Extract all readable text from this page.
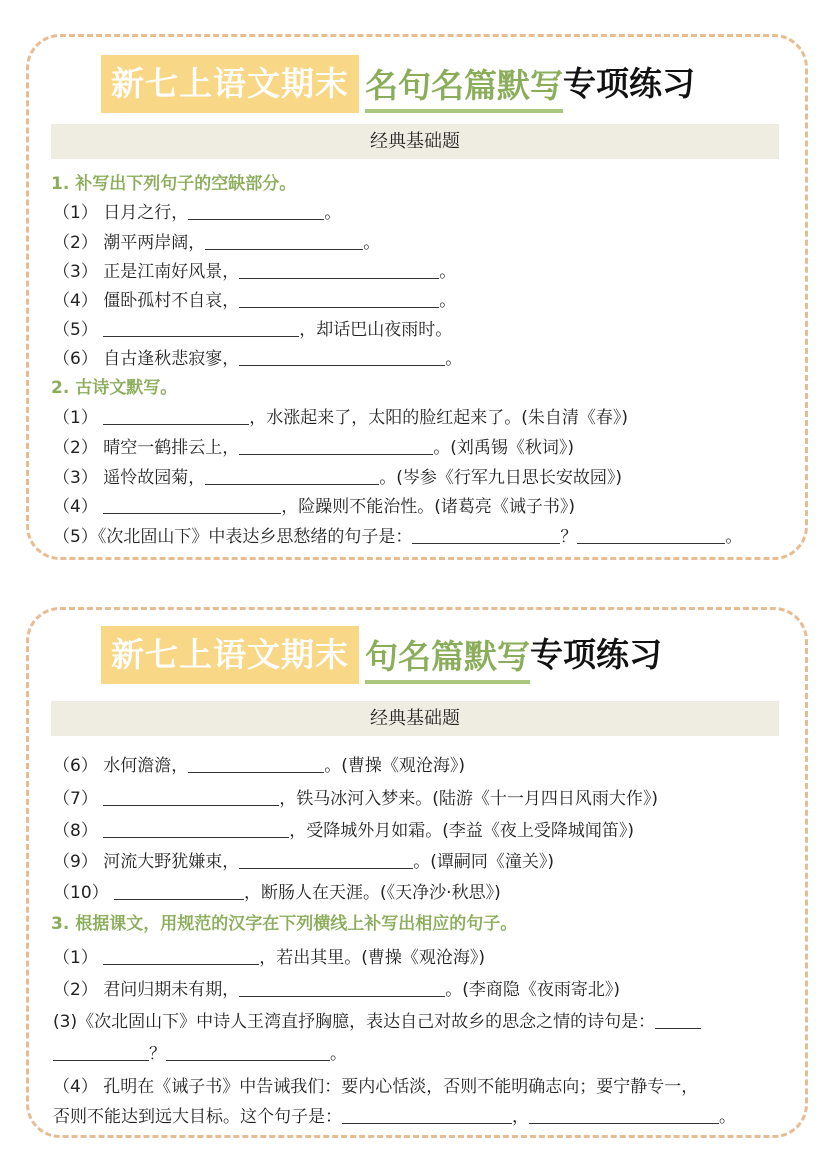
新七上语文期末 名句名篇默写 专项练习
经典基础题
1. 补写出下列句子的空缺部分。
（1） 日月之行，	。
（2） 潮平两岸阔，	。
（3） 正是江南好风景，	。
（4） 僵卧孤村不自哀，	。
（5）	，却话巴山夜雨时。
（6） 自古逢秋悲寂寥，	。
2. 古诗文默写。
（1）	，水涨起来了，太阳的脸红起来了。(朱自清《春》)
（2） 晴空一鹤排云上，	。(刘禹锡《秋词》)
（3） 遥怜故园菊，	。(岑参《行军九日思长安故园》)
（4）	，险躁则不能治性。(诸葛亮《诫子书》)
（5）《次北固山下》中表达乡思愁绪的句子是：	？	。
新七上语文期末 句名篇默写 专项练习
经典基础题
（6） 水何澹澹，	。(曹操《观沧海》)
（7）	，铁马冰河入梦来。(陆游《十一月四日风雨大作》)
（8）	，受降城外月如霜。(李益《夜上受降城闻笛》)
（9） 河流大野犹嫌束，	。(谭嗣同《潼关》)
（10）	，断肠人在天涯。(《天净沙·秋思》)
3. 根据课文，用规范的汉字在下列横线上补写出相应的句子。
（1）	，若出其里。(曹操《观沧海》)
（2） 君问归期未有期，	。(李商隐《夜雨寄北》)
(3)《次北固山下》中诗人王湾直抒胸臆，表达自己对故乡的思念之情的诗句是：
？	。
（4） 孔明在《诫子书》中告诫我们：要内心恬淡，否则不能明确志向；要宁静专一，
否则不能达到远大目标。这个句子是：	，	。
